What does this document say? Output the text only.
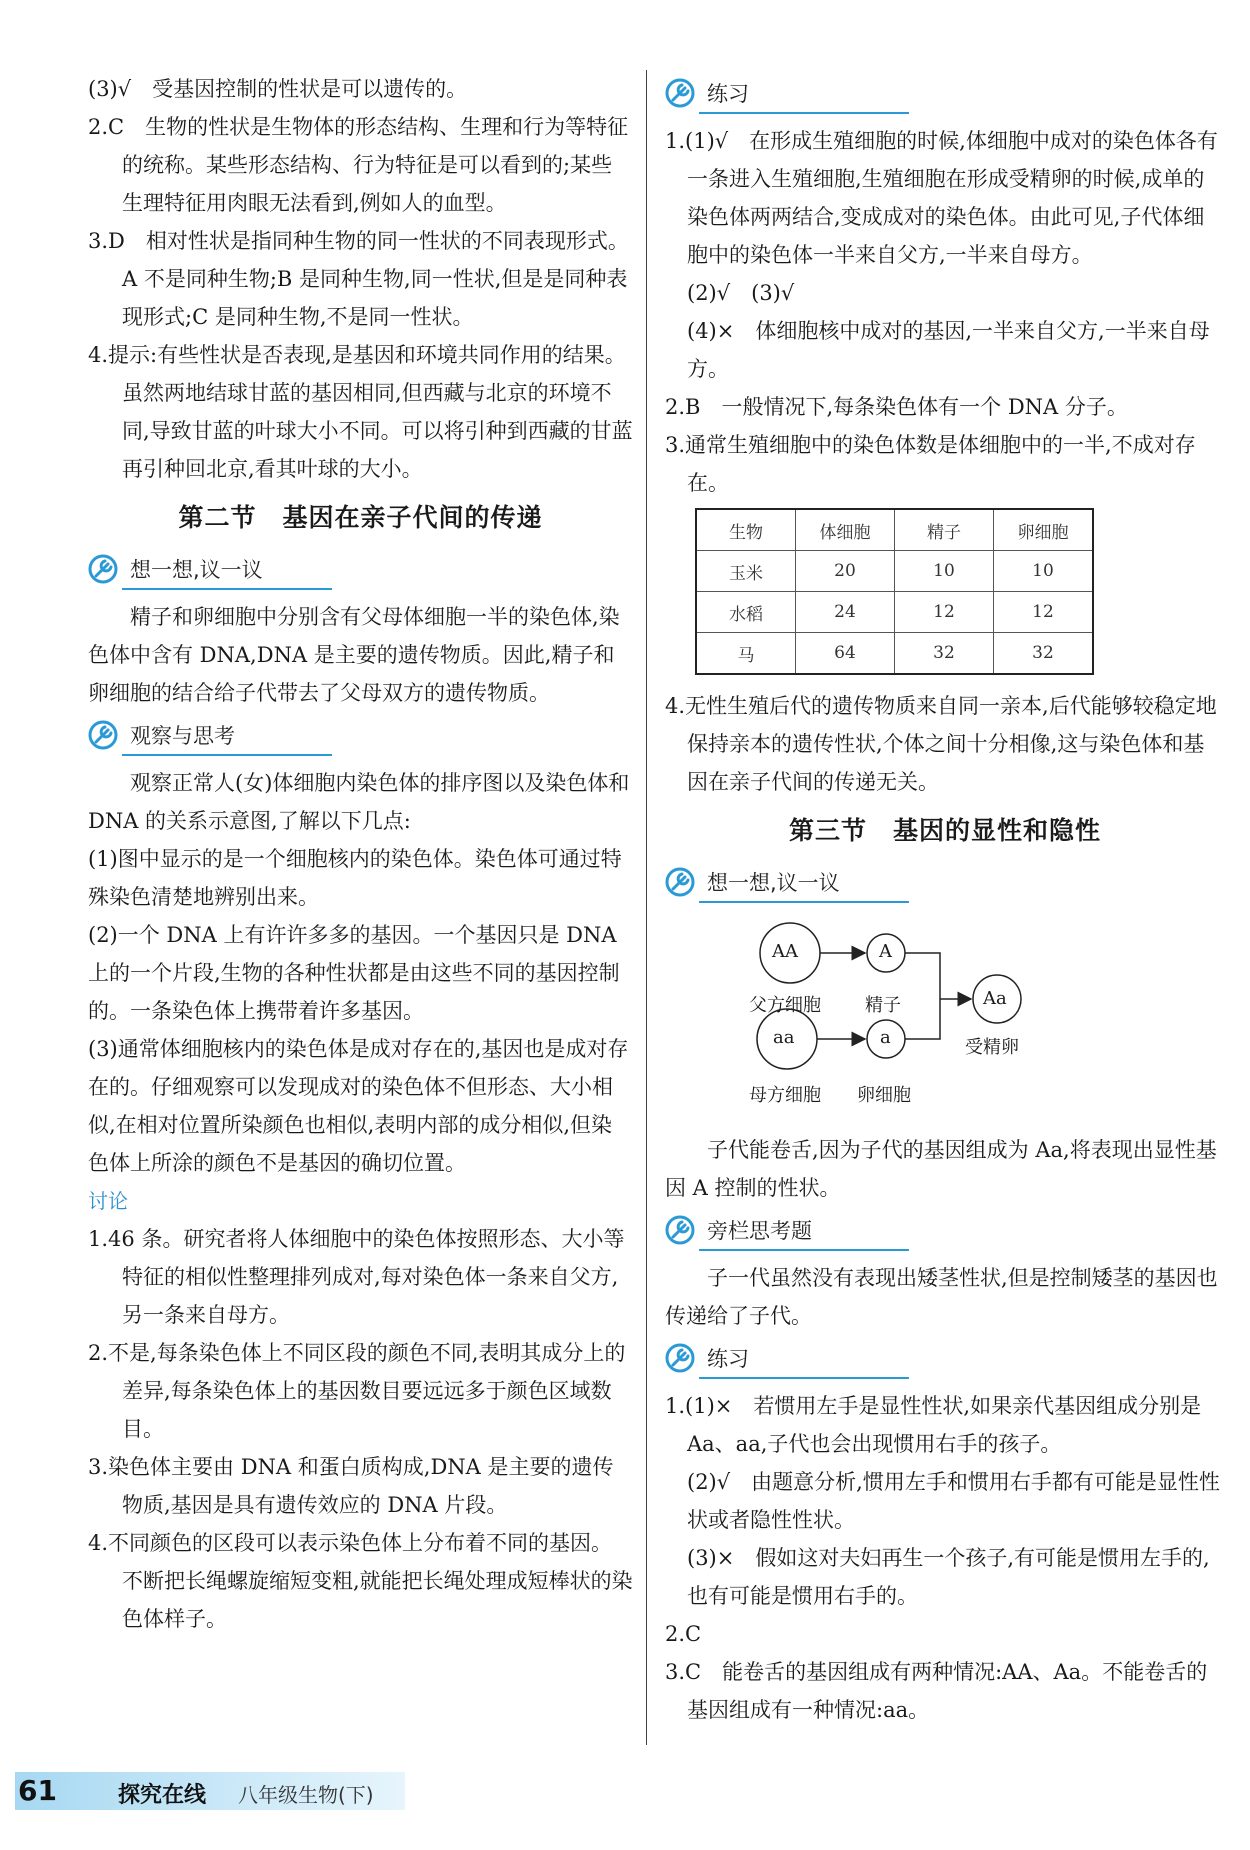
(3)√　 受基因控制的性状是可以遗传的。

2.C　 生物的性状是生物体的形态结构、生理和行为等特征的统称。某些形态结构、行为特征是可以看到的;某些生理特征用肉眼无法看到,例如人的血型。

3.D　 相对性状是指同种生物的同一性状的不同表现形式。A 不是同种生物;B 是同种生物,同一性状,但是是同种表现形式;C 是同种生物,不是同一性状。

4.提示:有些性状是否表现,是基因和环境共同作用的结果。虽然两地结球甘蓝的基因相同,但西藏与北京的环境不同,导致甘蓝的叶球大小不同。可以将引种到西藏的甘蓝再引种回北京,看其叶球的大小。

第二节　基因在亲子代间的传递
想一想,议一议

精子和卵细胞中分别含有父母体细胞一半的染色体,染色体中含有 DNA,DNA 是主要的遗传物质。因此,精子和卵细胞的结合给子代带去了父母双方的遗传物质。

观察与思考

观察正常人(女)体细胞内染色体的排序图以及染色体和 DNA 的关系示意图,了解以下几点:

(1)图中显示的是一个细胞核内的染色体。染色体可通过特殊染色清楚地辨别出来。

(2)一个 DNA 上有许许多多的基因。一个基因只是 DNA 上的一个片段,生物的各种性状都是由这些不同的基因控制的。一条染色体上携带着许多基因。

(3)通常体细胞核内的染色体是成对存在的,基因也是成对存在的。仔细观察可以发现成对的染色体不但形态、大小相似,在相对位置所染颜色也相似,表明内部的成分相似,但染色体上所涂的颜色不是基因的确切位置。

讨论

1.46 条。研究者将人体细胞中的染色体按照形态、大小等特征的相似性整理排列成对,每对染色体一条来自父方,另一条来自母方。

2.不是,每条染色体上不同区段的颜色不同,表明其成分上的差异,每条染色体上的基因数目要远远多于颜色区域数目。

3.染色体主要由 DNA 和蛋白质构成,DNA 是主要的遗传物质,基因是具有遗传效应的 DNA 片段。

4.不同颜色的区段可以表示染色体上分布着不同的基因。不断把长绳螺旋缩短变粗,就能把长绳处理成短棒状的染色体样子。

练习

1.(1)√　 在形成生殖细胞的时候,体细胞中成对的染色体各有一条进入生殖细胞,生殖细胞在形成受精卵的时候,成单的染色体两两结合,变成成对的染色体。由此可见,子代体细胞中的染色体一半来自父方,一半来自母方。

(2)√　(3)√

(4)×　 体细胞核中成对的基因,一半来自父方,一半来自母方。

2.B　 一般情况下,每条染色体有一个 DNA 分子。

3.通常生殖细胞中的染色体数是体细胞中的一半,不成对存在。

生物	体细胞	精子	卵细胞
玉米	20	10	10
水稻	24	12	12
马	64	32	32

4.无性生殖后代的遗传物质来自同一亲本,后代能够较稳定地保持亲本的遗传性状,个体之间十分相像,这与染色体和基因在亲子代间的传递无关。

第三节　基因的显性和隐性
想一想,议一议
AA
父方细胞
A
精子
aa
母方细胞
a
卵细胞
Aa
受精卵

子代能卷舌,因为子代的基因组成为 Aa,将表现出显性基因 A 控制的性状。

旁栏思考题

子一代虽然没有表现出矮茎性状,但是控制矮茎的基因也传递给了子代。

练习

1.(1)×　 若惯用左手是显性性状,如果亲代基因组成分别是 Aa、aa,子代也会出现惯用右手的孩子。

(2)√　 由题意分析,惯用左手和惯用右手都有可能是显性性状或者隐性性状。

(3)×　 假如这对夫妇再生一个孩子,有可能是惯用左手的,也有可能是惯用右手的。

2.C

3.C　 能卷舌的基因组成有两种情况:AA、Aa。不能卷舌的基因组成有一种情况:aa。

61	探究在线 八年级生物(下)
